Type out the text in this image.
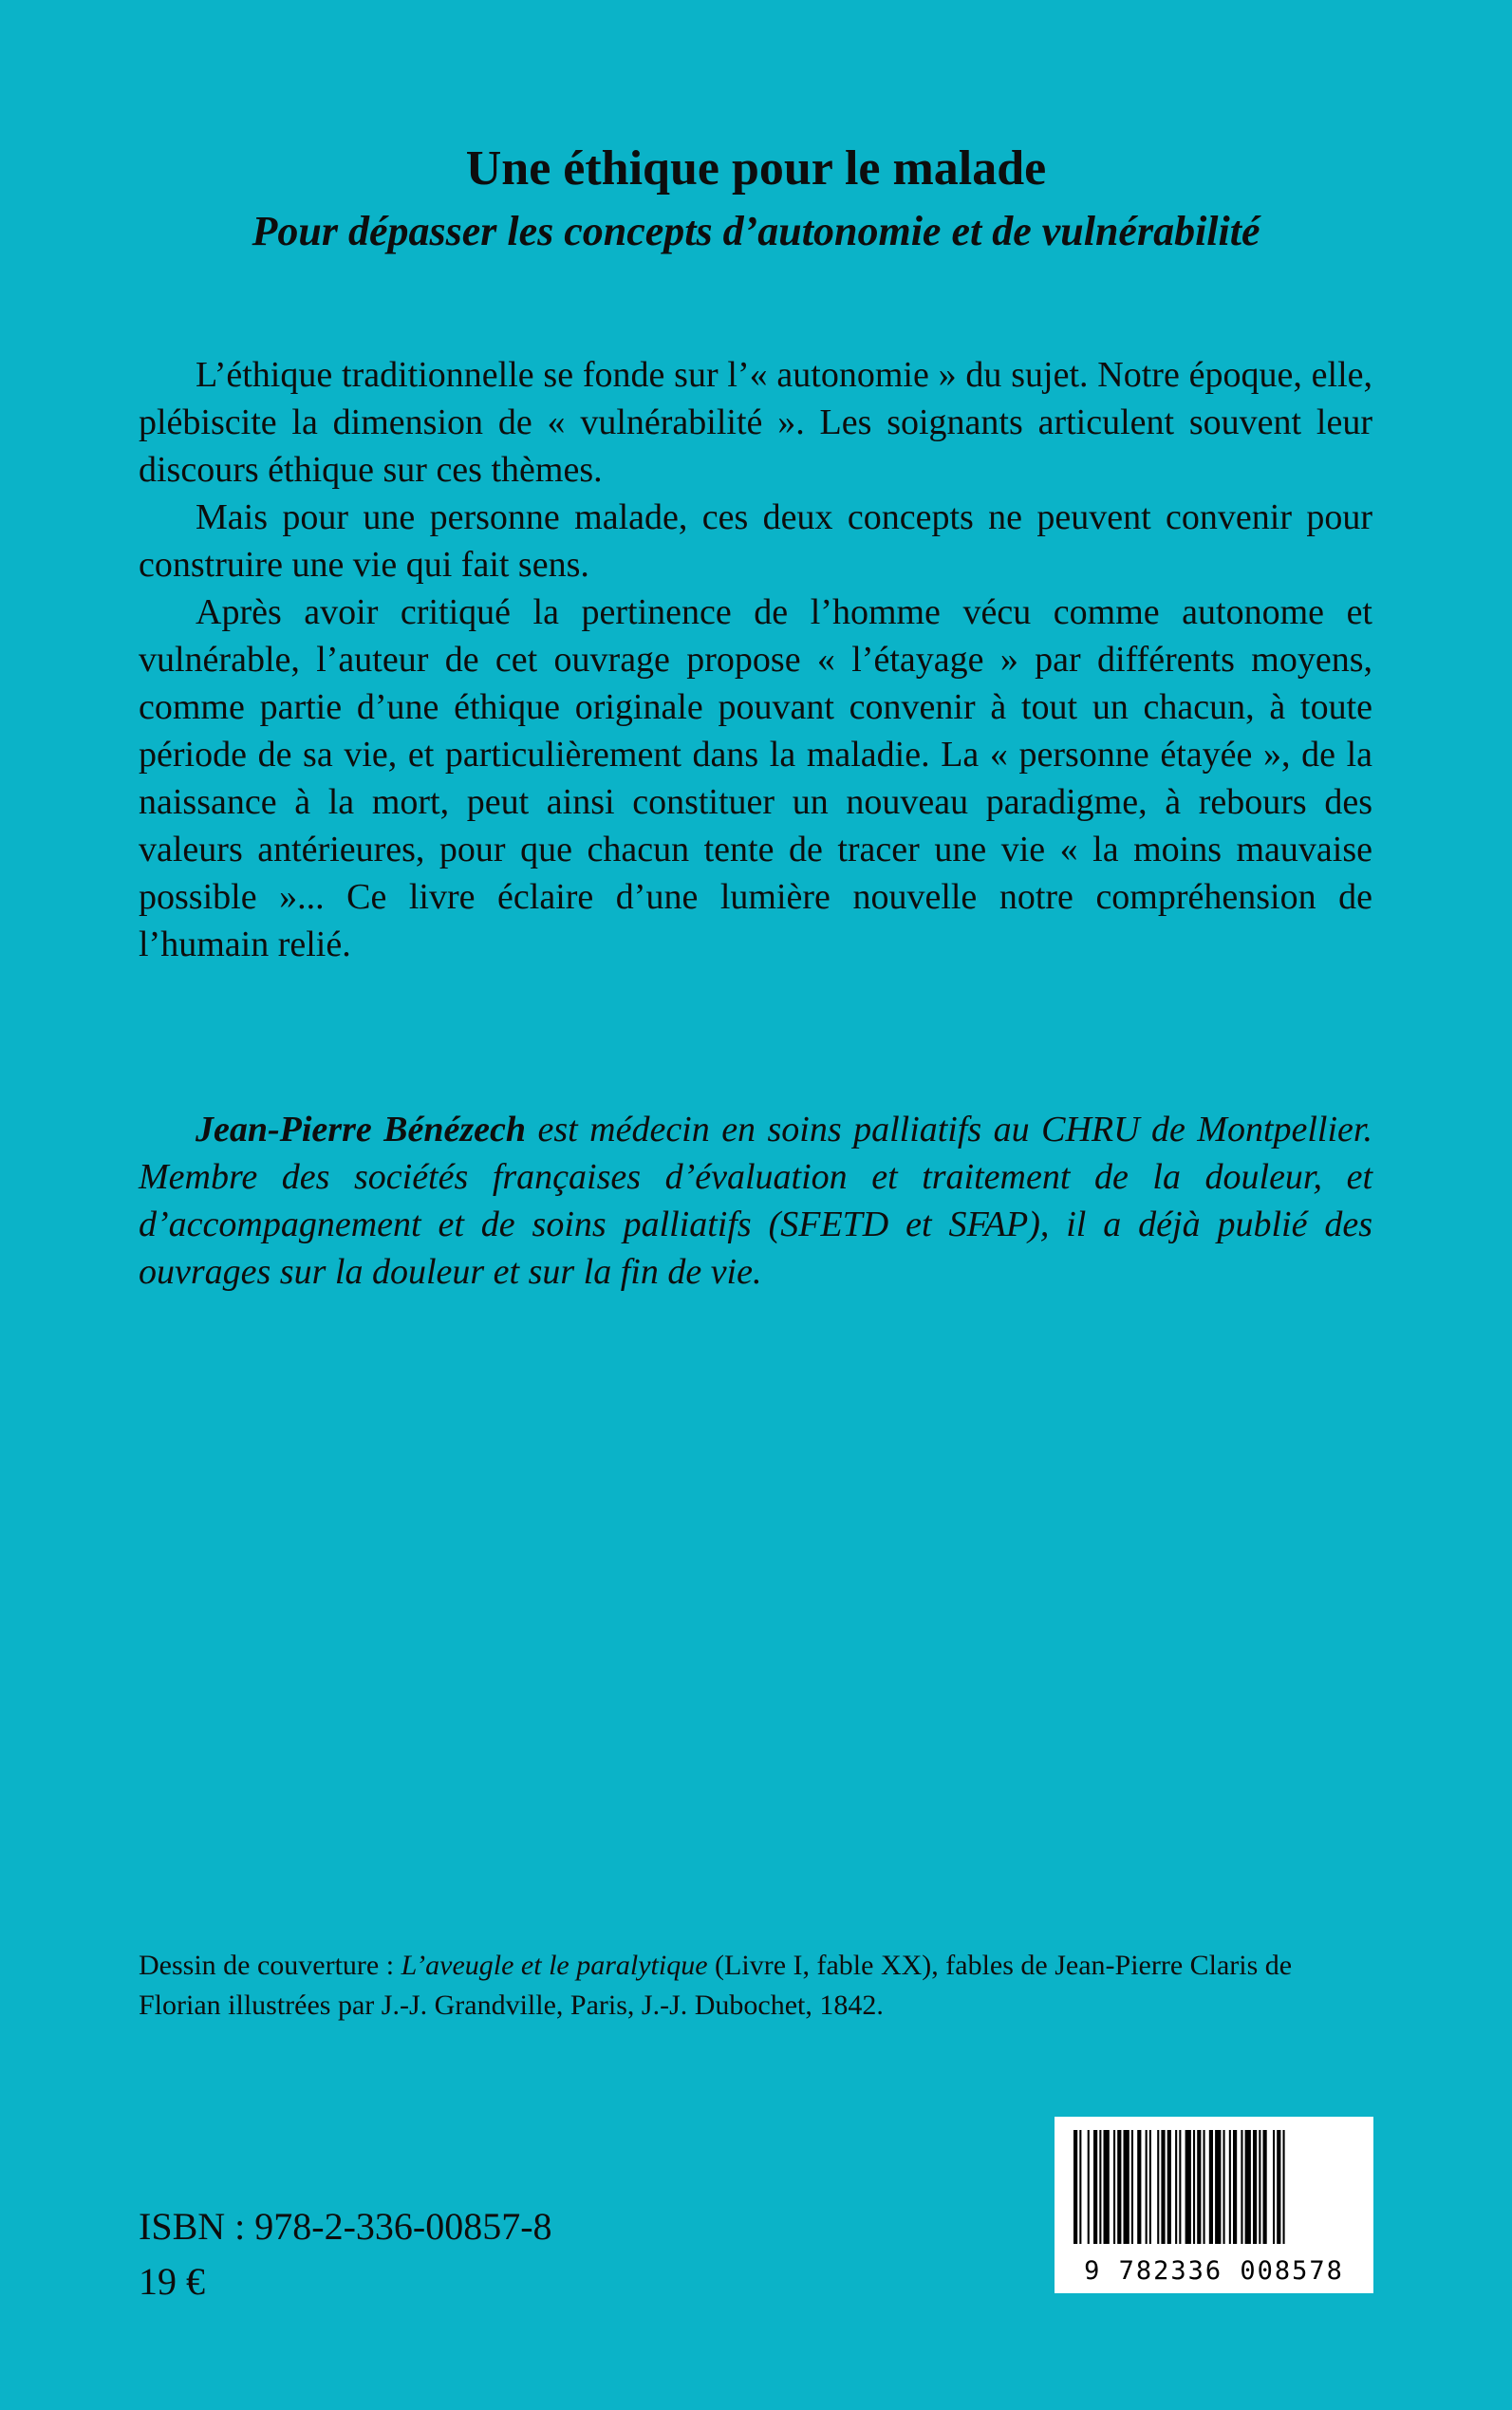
Une éthique pour le malade
Pour dépasser les concepts d’autonomie et de vulnérabilité

L’éthique traditionnelle se fonde sur l’« autonomie » du sujet. Notre époque, elle, plébiscite la dimension de « vulnérabilité ». Les soignants articulent souvent leur discours éthique sur ces thèmes.

Mais pour une personne malade, ces deux concepts ne peuvent convenir pour construire une vie qui fait sens.

Après avoir critiqué la pertinence de l’homme vécu comme autonome et vulnérable, l’auteur de cet ouvrage propose « l’étayage » par différents moyens, comme partie d’une éthique originale pouvant convenir à tout un chacun, à toute période de sa vie, et particulièrement dans la maladie. La « personne étayée », de la naissance à la mort, peut ainsi constituer un nouveau paradigme, à rebours des valeurs antérieures, pour que chacun tente de tracer une vie « la moins mauvaise possible »... Ce livre éclaire d’une lumière nouvelle notre compréhension de l’humain relié.

Jean-Pierre Bénézech est médecin en soins palliatifs au CHRU de Montpellier. Membre des sociétés françaises d’évaluation et traitement de la douleur, et d’accompagnement et de soins palliatifs (SFETD et SFAP), il a déjà publié des ouvrages sur la douleur et sur la fin de vie.

Dessin de couverture : L’aveugle et le paralytique (Livre I, fable XX), fables de Jean-Pierre Claris de Florian illustrées par J.-J. Grandville, Paris, J.-J. Dubochet, 1842.

ISBN : 978-2-336-00857-8

19 €	9 782336 008578
